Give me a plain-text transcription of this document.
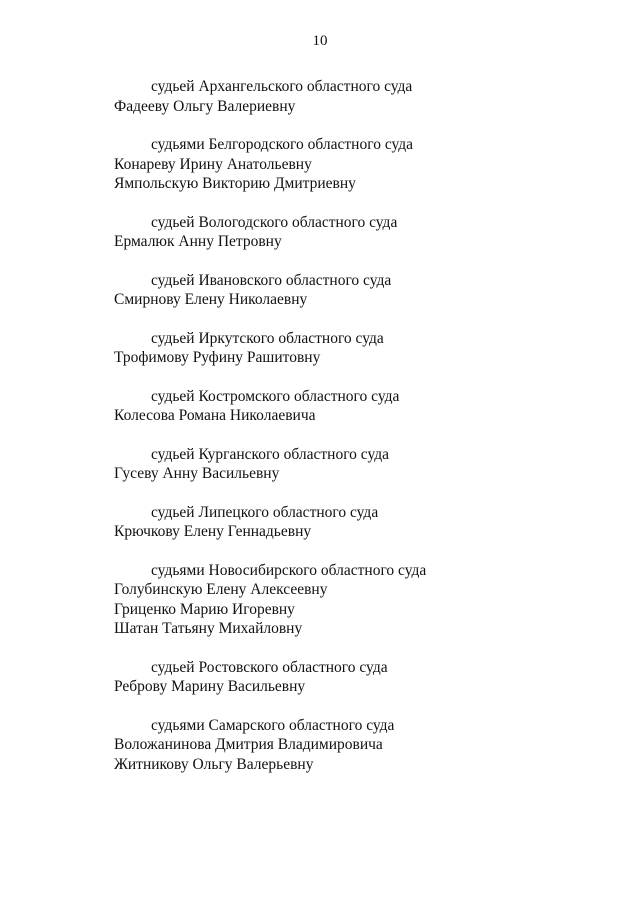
10
судьей Архангельского областного суда
Фадееву Ольгу Валериевну
судьями Белгородского областного суда
Конареву Ирину Анатольевну
Ямпольскую Викторию Дмитриевну
судьей Вологодского областного суда
Ермалюк Анну Петровну
судьей Ивановского областного суда
Смирнову Елену Николаевну
судьей Иркутского областного суда
Трофимову Руфину Рашитовну
судьей Костромского областного суда
Колесова Романа Николаевича
судьей Курганского областного суда
Гусеву Анну Васильевну
судьей Липецкого областного суда
Крючкову Елену Геннадьевну
судьями Новосибирского областного суда
Голубинскую Елену Алексеевну
Гриценко Марию Игоревну
Шатан Татьяну Михайловну
судьей Ростовского областного суда
Реброву Марину Васильевну
судьями Самарского областного суда
Воложанинова Дмитрия Владимировича
Житникову Ольгу Валерьевну
